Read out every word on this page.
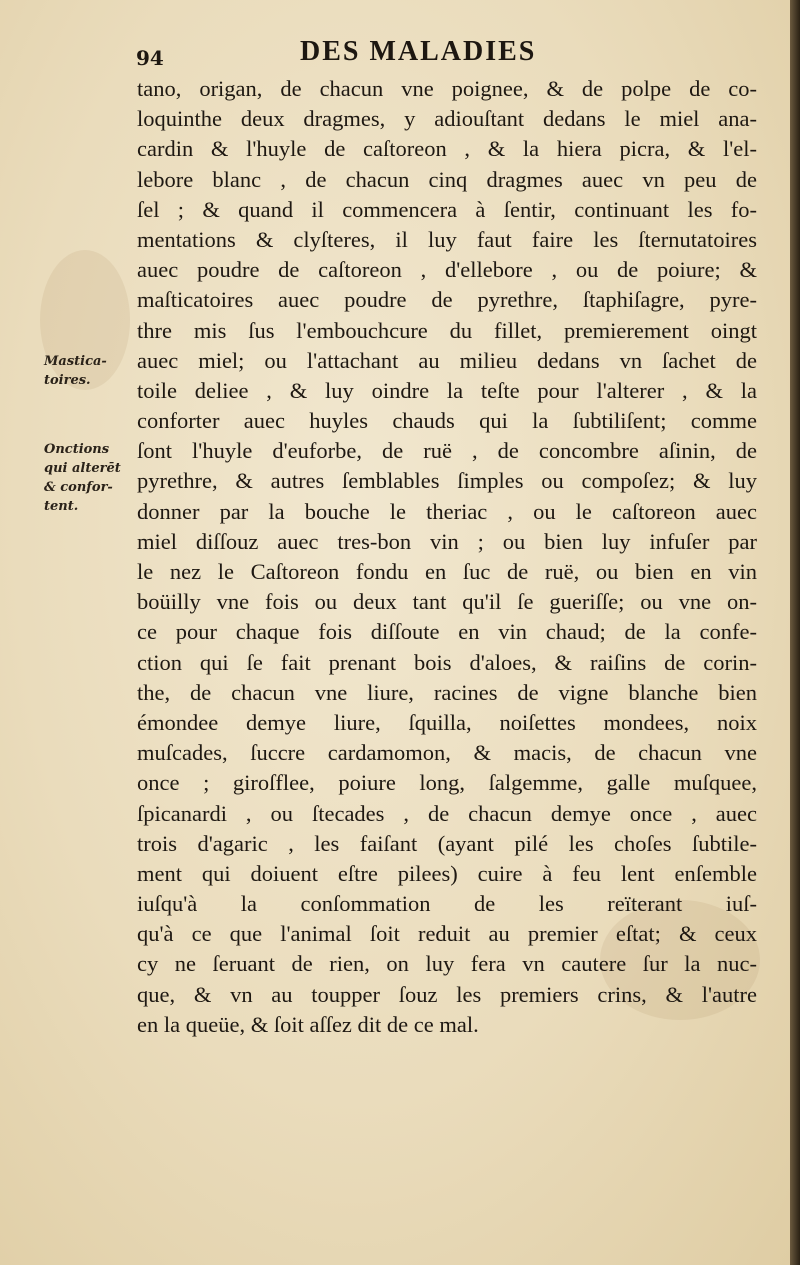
94	DES MALADIES
Mastica- toires.
Onctions qui alterēt & confor- tent.
tano, origan, de chacun vne poignee, & de polpe de co-
loquinthe deux dragmes, y adiouſtant dedans le miel ana-
cardin & l'huyle de caſtoreon , & la hiera picra, & l'el-
lebore blanc , de chacun cinq dragmes auec vn peu de
ſel ; & quand il commencera à ſentir, continuant les fo-
mentations & clyſteres, il luy faut faire les ſternutatoires
auec poudre de caſtoreon , d'ellebore , ou de poiure; &
maſticatoires auec poudre de pyrethre, ſtaphiſagre, pyre-
thre mis ſus l'embouchcure du fillet, premierement oingt
auec miel; ou l'attachant au milieu dedans vn ſachet de
toile deliee , & luy oindre la teſte pour l'alterer , & la
conforter auec huyles chauds qui la ſubtiliſent; comme
ſont l'huyle d'euforbe, de ruë , de concombre aſinin, de
pyrethre, & autres ſemblables ſimples ou compoſez; & luy
donner par la bouche le theriac , ou le caſtoreon auec
miel diſſouz auec tres-bon vin ; ou bien luy infuſer par
le nez le Caſtoreon fondu en ſuc de ruë, ou bien en vin
boüilly vne fois ou deux tant qu'il ſe gueriſſe; ou vne on-
ce pour chaque fois diſſoute en vin chaud; de la confe-
ction qui ſe fait prenant bois d'aloes, & raiſins de corin-
the, de chacun vne liure, racines de vigne blanche bien
émondee demye liure, ſquilla, noiſettes mondees, noix
muſcades, ſuccre cardamomon, & macis, de chacun vne
once ; giroſflee, poiure long, ſalgemme, galle muſquee,
ſpicanardi , ou ſtecades , de chacun demye once , auec
trois d'agaric , les faiſant (ayant pilé les choſes ſubtile-
ment qui doiuent eſtre pilees) cuire à feu lent enſemble
iuſqu'à la conſommation de les reïterant iuſ-
qu'à ce que l'animal ſoit reduit au premier eſtat; & ceux
cy ne ſeruant de rien, on luy fera vn cautere ſur la nuc-
que, & vn au toupper ſouz les premiers crins, & l'autre
en la queüe, & ſoit aſſez dit de ce mal.
